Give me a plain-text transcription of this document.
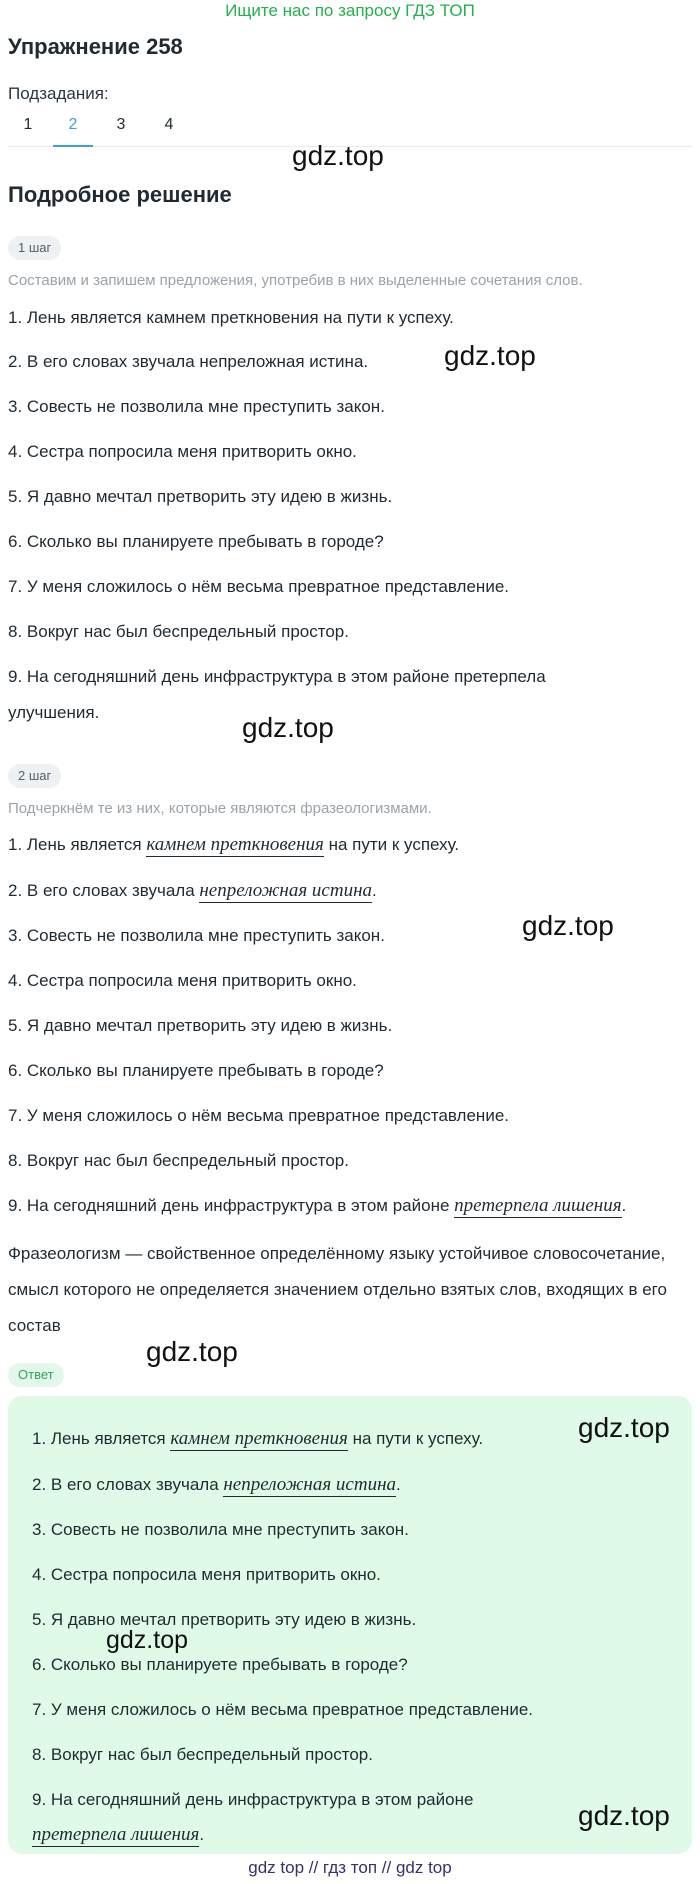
Ищите нас по запросу ГДЗ ТОП
Упражнение 258
Подзадания:
1	2	3	4
gdz.top
Подробное решение
1 шаг
Составим и запишем предложения, употребив в них выделенные сочетания слов.
1. Лень является камнем преткновения на пути к успеху.
2. В его словах звучала непреложная истина.	gdz.top
3. Совесть не позволила мне преступить закон.
4. Сестра попросила меня притворить окно.
5. Я давно мечтал претворить эту идею в жизнь.
6. Сколько вы планируете пребывать в городе?
7. У меня сложилось о нём весьма превратное представление.
8. Вокруг нас был беспредельный простор.
9. На сегодняшний день инфраструктура в этом районе претерпела
улучшения.	gdz.top
2 шаг
Подчеркнём те из них, которые являются фразеологизмами.
1. Лень является камнем преткновения на пути к успеху.
2. В его словах звучала непреложная истина.
gdz.top
3. Совесть не позволила мне преступить закон.
4. Сестра попросила меня притворить окно.
5. Я давно мечтал претворить эту идею в жизнь.
6. Сколько вы планируете пребывать в городе?
7. У меня сложилось о нём весьма превратное представление.
8. Вокруг нас был беспредельный простор.
9. На сегодняшний день инфраструктура в этом районе претерпела лишения.
Фразеологизм — свойственное определённому языку устойчивое словосочетание, смысл которого не определяется значением отдельно взятых слов, входящих в его состав
gdz.top
Ответ
gdz.top
1. Лень является камнем преткновения на пути к успеху.
2. В его словах звучала непреложная истина.
3. Совесть не позволила мне преступить закон.
4. Сестра попросила меня притворить окно.
5. Я давно мечтал претворить эту идею в жизнь.
gdz.top
6. Сколько вы планируете пребывать в городе?
7. У меня сложилось о нём весьма превратное представление.
8. Вокруг нас был беспредельный простор.
9. На сегодняшний день инфраструктура в этом районе
gdz.top
претерпела лишения.
gdz top // гдз топ // gdz top
